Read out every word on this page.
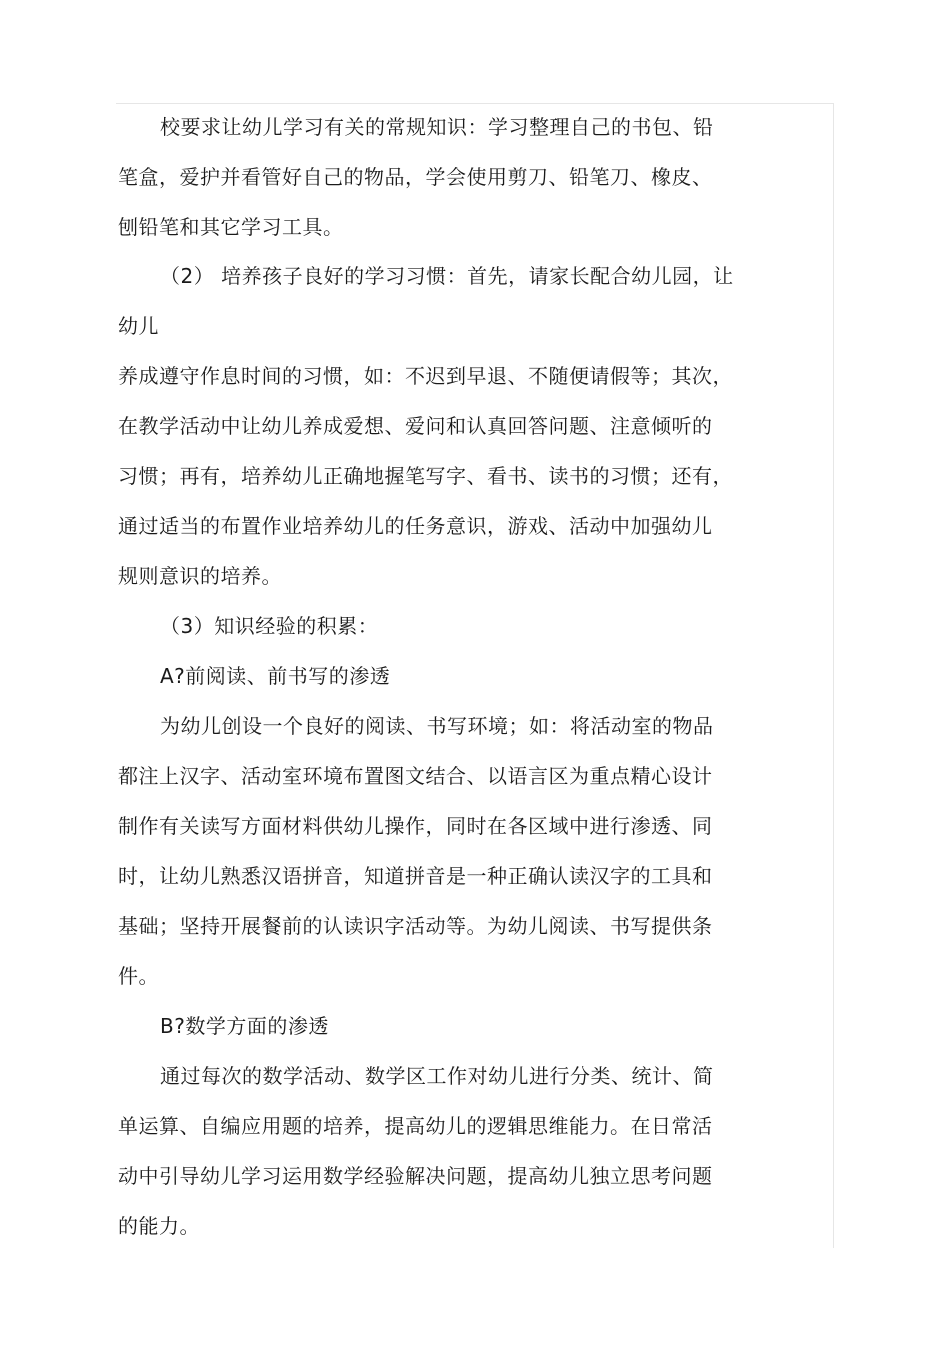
校要求让幼儿学习有关的常规知识：学习整理自己的书包、铅
笔盒，爱护并看管好自己的物品，学会使用剪刀、铅笔刀、橡皮、
刨铅笔和其它学习工具。
（2） 培养孩子良好的学习习惯：首先，请家长配合幼儿园，让
幼儿
养成遵守作息时间的习惯，如：不迟到早退、不随便请假等；其次，
在教学活动中让幼儿养成爱想、爱问和认真回答问题、注意倾听的
习惯；再有，培养幼儿正确地握笔写字、看书、读书的习惯；还有，
通过适当的布置作业培养幼儿的任务意识，游戏、活动中加强幼儿
规则意识的培养。
（3）知识经验的积累：
A?前阅读、前书写的渗透
为幼儿创设一个良好的阅读、书写环境；如：将活动室的物品
都注上汉字、活动室环境布置图文结合、以语言区为重点精心设计
制作有关读写方面材料供幼儿操作，同时在各区域中进行渗透、同
时，让幼儿熟悉汉语拼音，知道拼音是一种正确认读汉字的工具和
基础；坚持开展餐前的认读识字活动等。为幼儿阅读、书写提供条
件。
B?数学方面的渗透
通过每次的数学活动、数学区工作对幼儿进行分类、统计、简
单运算、自编应用题的培养，提高幼儿的逻辑思维能力。在日常活
动中引导幼儿学习运用数学经验解决问题，提高幼儿独立思考问题
的能力。
